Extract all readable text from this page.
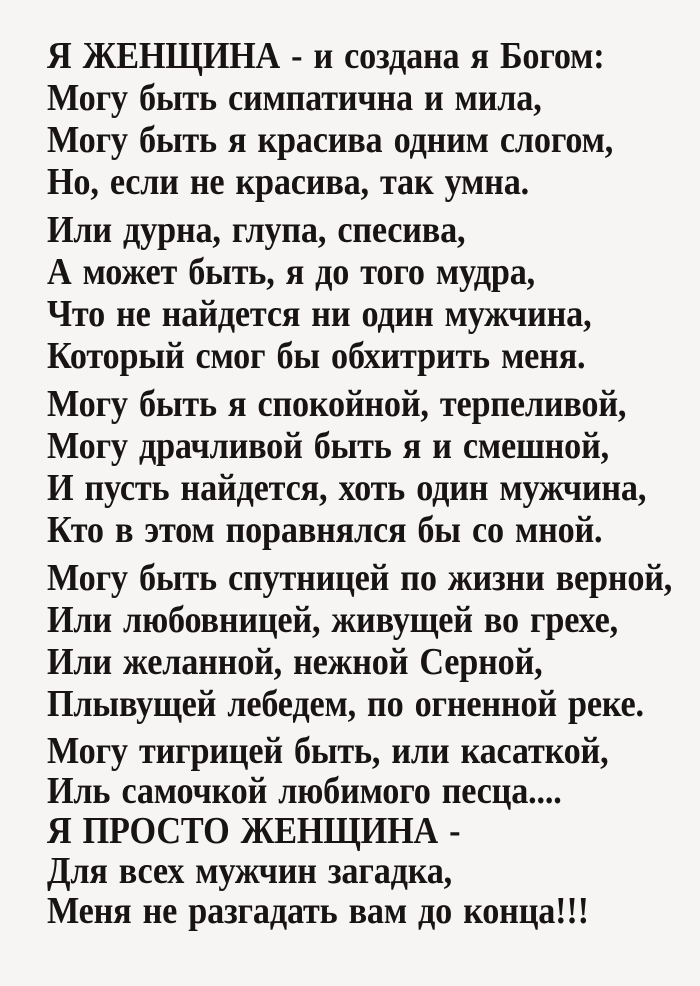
Я ЖЕНЩИНА - и создана я Богом:
Могу быть симпатична и мила,
Могу быть я красива одним слогом,
Но, если не красива, так умна.
Или дурна, глупа, спесива,
А может быть, я до того мудра,
Что не найдется ни один мужчина,
Который смог бы обхитрить меня.
Могу быть я спокойной, терпеливой,
Могу драчливой быть я и смешной,
И пусть найдется, хоть один мужчина,
Кто в этом поравнялся бы со мной.
Могу быть спутницей по жизни верной,
Или любовницей, живущей во грехе,
Или желанной, нежной Серной,
Плывущей лебедем, по огненной реке.
Могу тигрицей быть, или касаткой,
Иль самочкой любимого песца....
Я ПРОСТО ЖЕНЩИНА -
Для всех мужчин загадка,
Меня не разгадать вам до конца!!!
